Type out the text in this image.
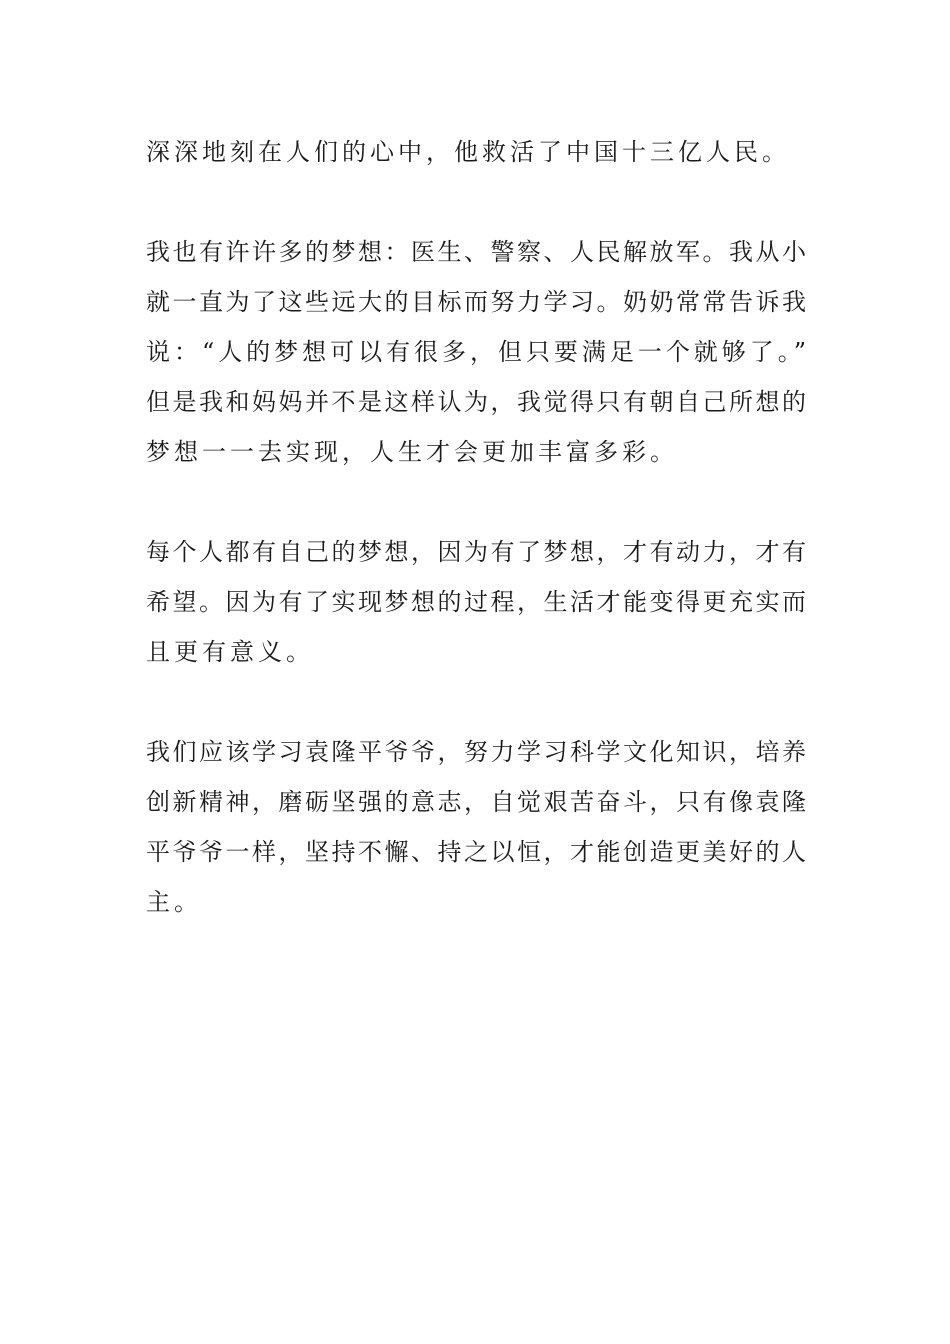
深深地刻在人们的心中，他救活了中国十三亿人民。
我也有许许多的梦想：医生、警察、人民解放军。我从小
就一直为了这些远大的目标而努力学习。奶奶常常告诉我
说：“人的梦想可以有很多，但只要满足一个就够了。”
但是我和妈妈并不是这样认为，我觉得只有朝自己所想的
梦想一一去实现，人生才会更加丰富多彩。
每个人都有自己的梦想，因为有了梦想，才有动力，才有
希望。因为有了实现梦想的过程，生活才能变得更充实而
且更有意义。
我们应该学习袁隆平爷爷，努力学习科学文化知识，培养
创新精神，磨砺坚强的意志，自觉艰苦奋斗，只有像袁隆
平爷爷一样，坚持不懈、持之以恒，才能创造更美好的人
主。
